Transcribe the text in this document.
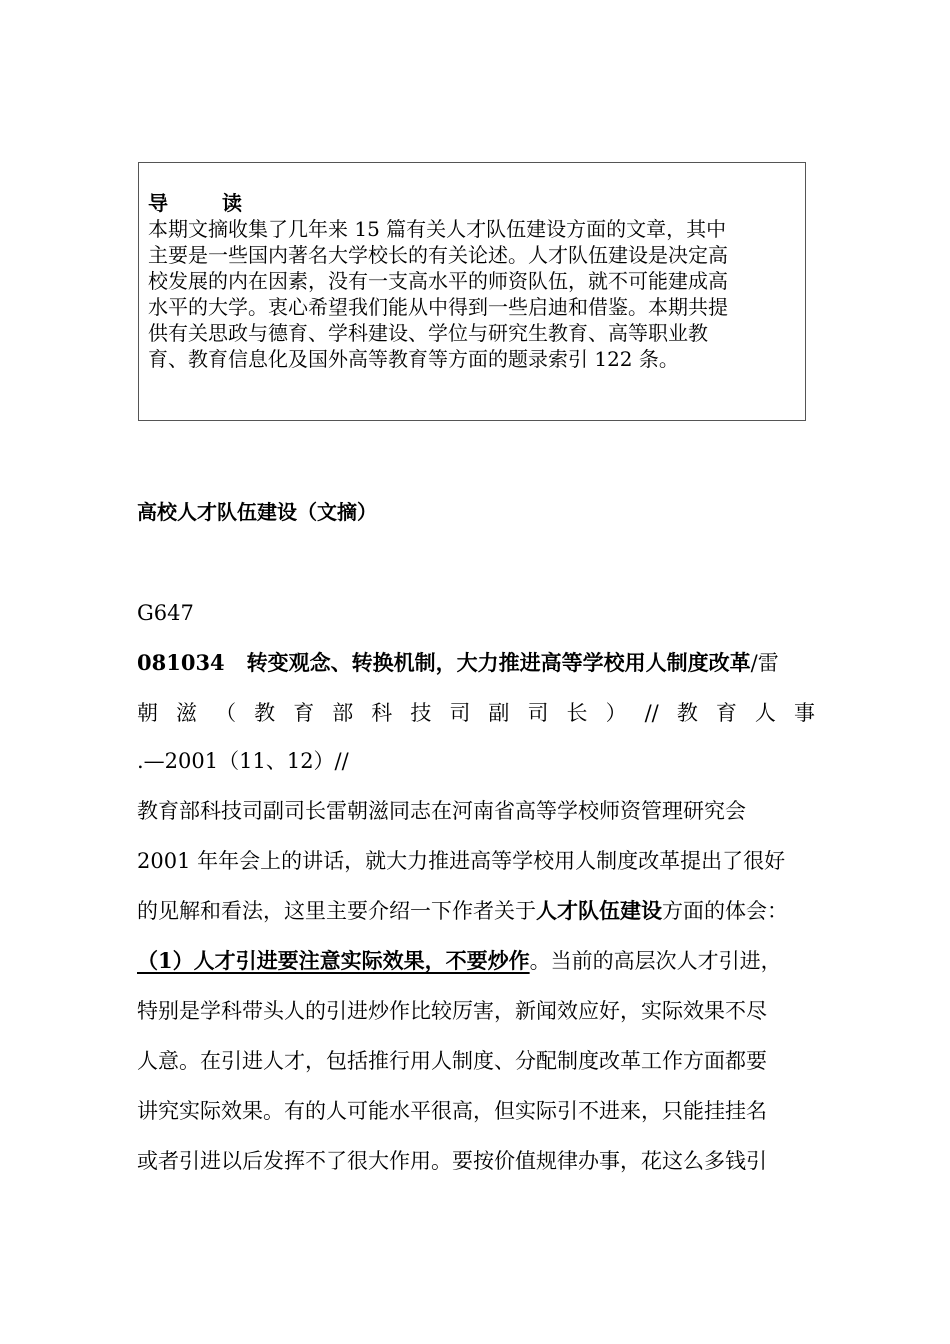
导	读
本期文摘收集了几年来 15 篇有关人才队伍建设方面的文章，其中
主要是一些国内著名大学校长的有关论述。人才队伍建设是决定高
校发展的内在因素，没有一支高水平的师资队伍，就不可能建成高
水平的大学。衷心希望我们能从中得到一些启迪和借鉴。本期共提
供有关思政与德育、学科建设、学位与研究生教育、高等职业教
育、教育信息化及国外高等教育等方面的题录索引 122 条。
高校人才队伍建设（文摘）
G647
081034 转变观念、转换机制，大力推进高等学校用人制度改革/雷
朝 滋 （ 教 育 部 科 技 司 副 司 长 ） // 教 育 人 事
.—2001（11、12）//
教育部科技司副司长雷朝滋同志在河南省高等学校师资管理研究会
2001 年年会上的讲话，就大力推进高等学校用人制度改革提出了很好
的见解和看法，这里主要介绍一下作者关于人才队伍建设方面的体会：
（1）人才引进要注意实际效果，不要炒作。当前的高层次人才引进，
特别是学科带头人的引进炒作比较厉害，新闻效应好，实际效果不尽
人意。在引进人才，包括推行用人制度、分配制度改革工作方面都要
讲究实际效果。有的人可能水平很高，但实际引不进来，只能挂挂名
或者引进以后发挥不了很大作用。要按价值规律办事，花这么多钱引
